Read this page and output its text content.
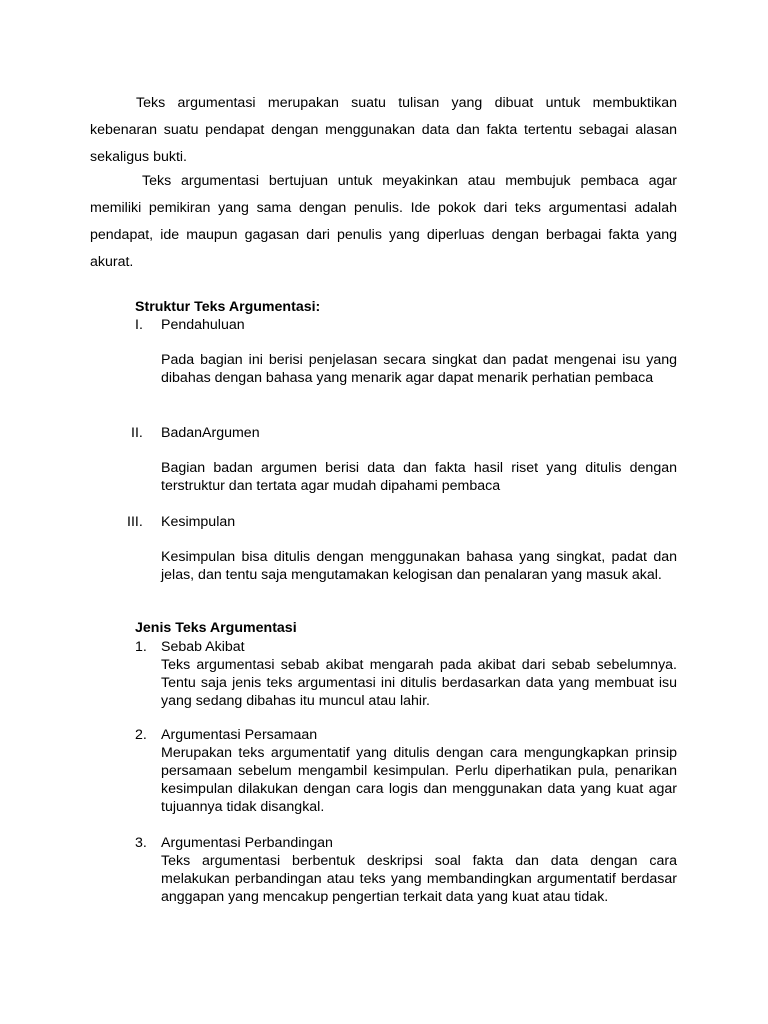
Teks argumentasi merupakan suatu tulisan yang dibuat untuk membuktikan kebenaran suatu pendapat dengan menggunakan data dan fakta tertentu sebagai alasan sekaligus bukti.

Teks argumentasi bertujuan untuk meyakinkan atau membujuk pembaca agar memiliki pemikiran yang sama dengan penulis. Ide pokok dari teks argumentasi adalah pendapat, ide maupun gagasan dari penulis yang diperluas dengan berbagai fakta yang akurat.

Struktur Teks Argumentasi:
I. Pendahuluan

Pada bagian ini berisi penjelasan secara singkat dan padat mengenai isu yang dibahas dengan bahasa yang menarik agar dapat menarik perhatian pembaca

II. BadanArgumen

Bagian badan argumen berisi data dan fakta hasil riset yang ditulis dengan terstruktur dan tertata agar mudah dipahami pembaca

III. Kesimpulan

Kesimpulan bisa ditulis dengan menggunakan bahasa yang singkat, padat dan jelas, dan tentu saja mengutamakan kelogisan dan penalaran yang masuk akal.

Jenis Teks Argumentasi
1. Sebab Akibat

Teks argumentasi sebab akibat mengarah pada akibat dari sebab sebelumnya. Tentu saja jenis teks argumentasi ini ditulis berdasarkan data yang membuat isu yang sedang dibahas itu muncul atau lahir.

2. Argumentasi Persamaan

Merupakan teks argumentatif yang ditulis dengan cara mengungkapkan prinsip persamaan sebelum mengambil kesimpulan. Perlu diperhatikan pula, penarikan kesimpulan dilakukan dengan cara logis dan menggunakan data yang kuat agar tujuannya tidak disangkal.

3. Argumentasi Perbandingan

Teks argumentasi berbentuk deskripsi soal fakta dan data dengan cara melakukan perbandingan atau teks yang membandingkan argumentatif berdasar anggapan yang mencakup pengertian terkait data yang kuat atau tidak.
